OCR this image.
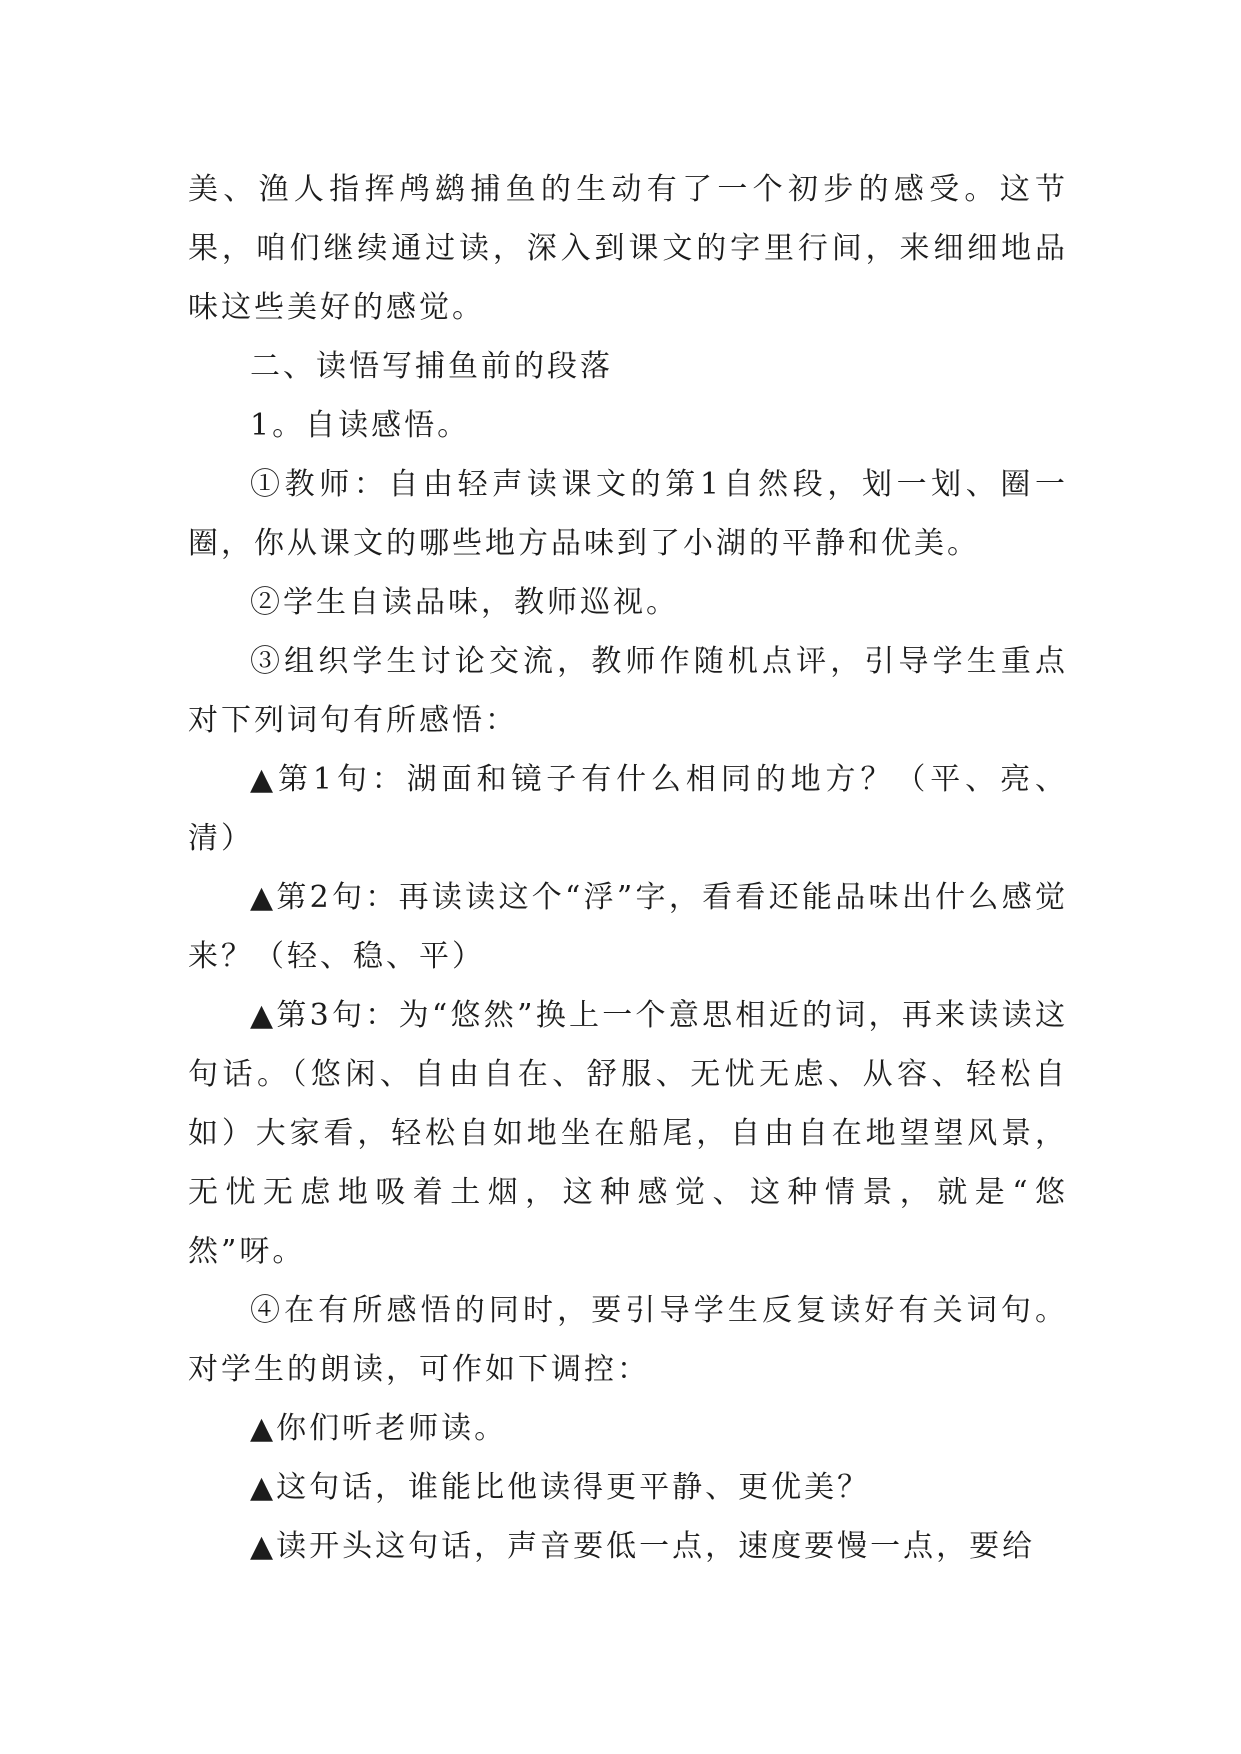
美、渔人指挥鸬鹚捕鱼的生动有了一个初步的感受。这节果，咱们继续通过读，深入到课文的字里行间，来细细地品味这些美好的感觉。

二、读悟写捕鱼前的段落

1。自读感悟。

①教师：自由轻声读课文的第1自然段，划一划、圈一圈，你从课文的哪些地方品味到了小湖的平静和优美。

②学生自读品味，教师巡视。

③组织学生讨论交流，教师作随机点评，引导学生重点对下列词句有所感悟：

▲第1句：湖面和镜子有什么相同的地方？（平、亮、清）

▲第2句：再读读这个“浮”字，看看还能品味出什么感觉来？（轻、稳、平）

▲第3句：为“悠然”换上一个意思相近的词，再来读读这句话。（悠闲、自由自在、舒服、无忧无虑、从容、轻松自如）大家看，轻松自如地坐在船尾，自由自在地望望风景，无忧无虑地吸着土烟，这种感觉、这种情景，就是“悠然”呀。

④在有所感悟的同时，要引导学生反复读好有关词句。对学生的朗读，可作如下调控：

▲你们听老师读。

▲这句话，谁能比他读得更平静、更优美？

▲读开头这句话，声音要低一点，速度要慢一点，要给
